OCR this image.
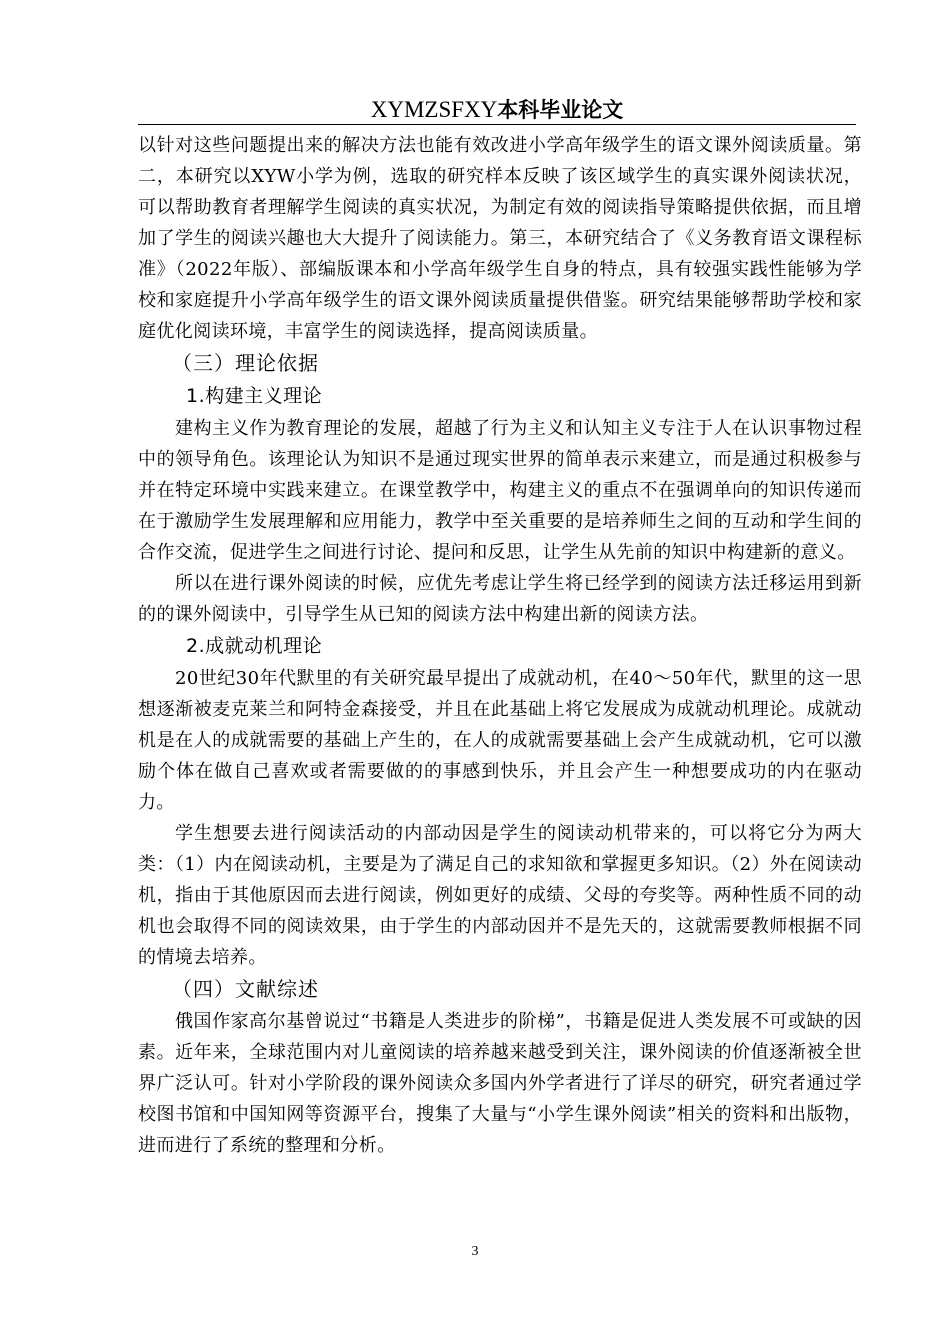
XYMZSFXY本科毕业论文

以针对这些问题提出来的解决方法也能有效改进小学高年级学生的语文课外阅读质量。第二，本研究以XYW小学为例，选取的研究样本反映了该区域学生的真实课外阅读状况，可以帮助教育者理解学生阅读的真实状况，为制定有效的阅读指导策略提供依据，而且增加了学生的阅读兴趣也大大提升了阅读能力。第三，本研究结合了《义务教育语文课程标准》（2022年版）、部编版课本和小学高年级学生自身的特点，具有较强实践性能够为学校和家庭提升小学高年级学生的语文课外阅读质量提供借鉴。研究结果能够帮助学校和家庭优化阅读环境，丰富学生的阅读选择，提高阅读质量。

（三）理论依据

1.构建主义理论

建构主义作为教育理论的发展，超越了行为主义和认知主义专注于人在认识事物过程中的领导角色。该理论认为知识不是通过现实世界的简单表示来建立，而是通过积极参与并在特定环境中实践来建立。在课堂教学中，构建主义的重点不在强调单向的知识传递而在于激励学生发展理解和应用能力，教学中至关重要的是培养师生之间的互动和学生间的合作交流，促进学生之间进行讨论、提问和反思，让学生从先前的知识中构建新的意义。

所以在进行课外阅读的时候，应优先考虑让学生将已经学到的阅读方法迁移运用到新的的课外阅读中，引导学生从已知的阅读方法中构建出新的阅读方法。

2.成就动机理论

20世纪30年代默里的有关研究最早提出了成就动机，在40～50年代，默里的这一思想逐渐被麦克莱兰和阿特金森接受，并且在此基础上将它发展成为成就动机理论。成就动机是在人的成就需要的基础上产生的，在人的成就需要基础上会产生成就动机，它可以激励个体在做自己喜欢或者需要做的的事感到快乐，并且会产生一种想要成功的内在驱动力。

学生想要去进行阅读活动的内部动因是学生的阅读动机带来的，可以将它分为两大类：（1）内在阅读动机，主要是为了满足自己的求知欲和掌握更多知识。（2）外在阅读动机，指由于其他原因而去进行阅读，例如更好的成绩、父母的夸奖等。两种性质不同的动机也会取得不同的阅读效果，由于学生的内部动因并不是先天的，这就需要教师根据不同的情境去培养。

（四）文献综述

俄国作家高尔基曾说过“书籍是人类进步的阶梯”，书籍是促进人类发展不可或缺的因素。近年来，全球范围内对儿童阅读的培养越来越受到关注，课外阅读的价值逐渐被全世界广泛认可。针对小学阶段的课外阅读众多国内外学者进行了详尽的研究，研究者通过学校图书馆和中国知网等资源平台，搜集了大量与“小学生课外阅读”相关的资料和出版物，进而进行了系统的整理和分析。

3
